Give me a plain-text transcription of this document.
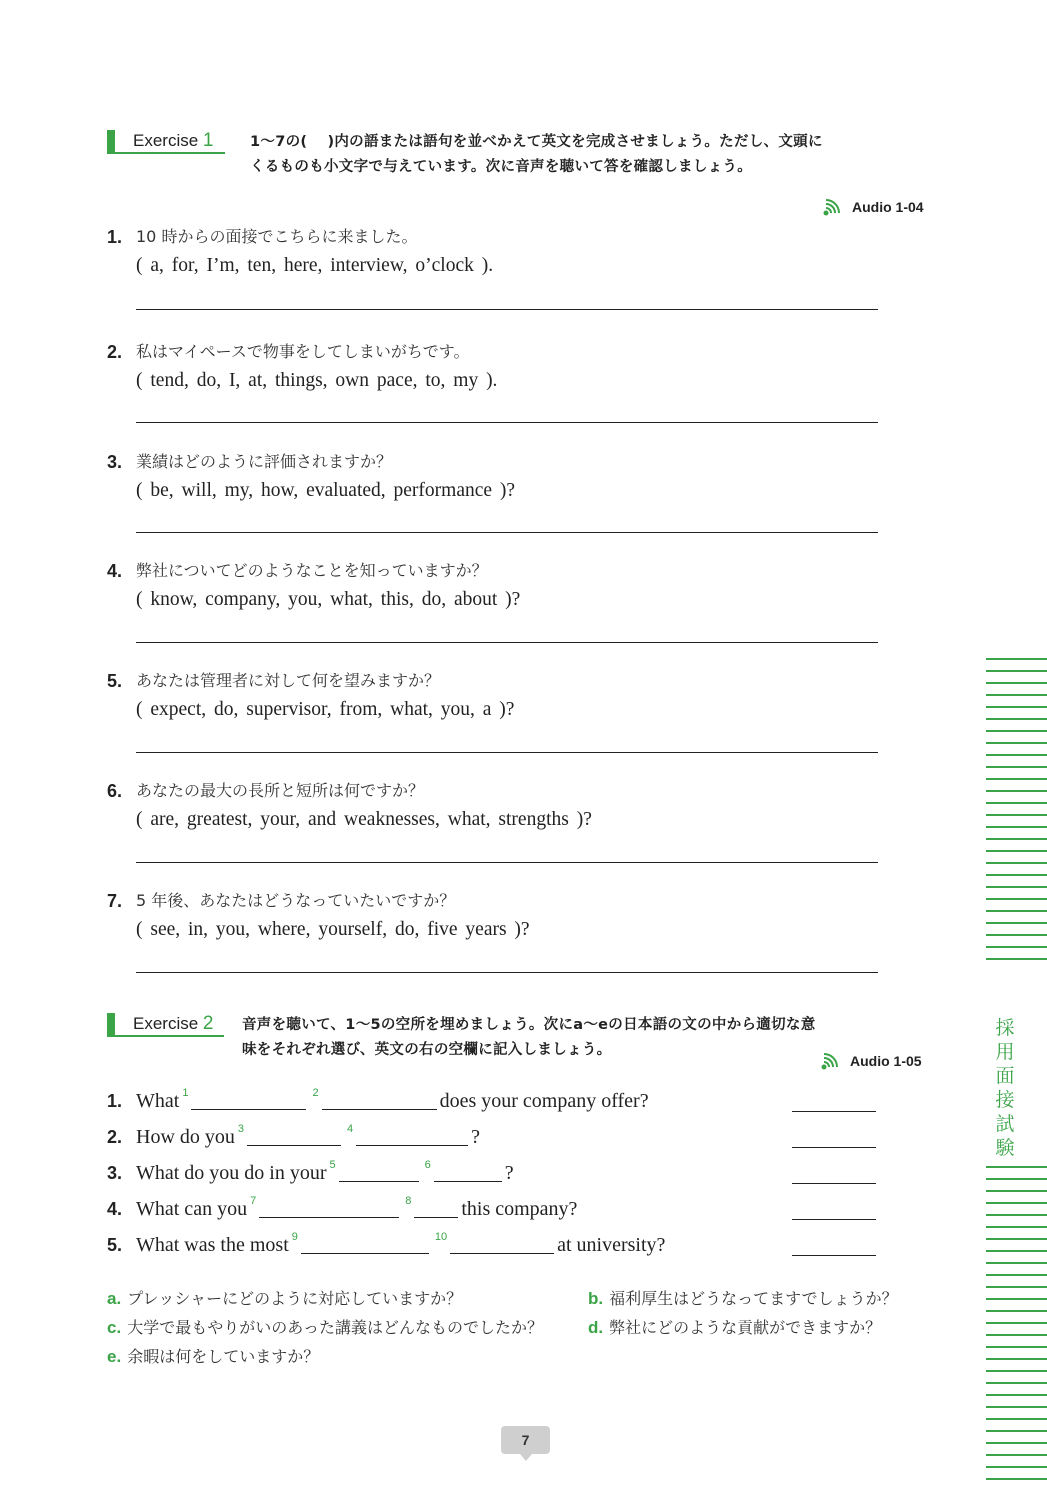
Exercise 1	1～7の(　 )内の語または語句を並べかえて英文を完成させましょう。ただし、文頭に
くるものも小文字で与えています。次に音声を聴いて答を確認しましょう。
Audio 1-04
1. 10 時からの面接でこちらに来ました。
( a, for, I’m, ten, here, interview, o’clock ).
2. 私はマイペースで物事をしてしまいがちです。
( tend, do, I, at, things, own pace, to, my ).
3. 業績はどのように評価されますか？
( be, will, my, how, evaluated, performance )?
4. 弊社についてどのようなことを知っていますか？
( know, company, you, what, this, do, about )?
5. あなたは管理者に対して何を望みますか？
( expect, do, supervisor, from, what, you, a )?
6. あなたの最大の長所と短所は何ですか？
( are, greatest, your, and weaknesses, what, strengths )?
7. 5 年後、あなたはどうなっていたいですか？
( see, in, you, where, yourself, do, five years )?
Exercise 2	音声を聴いて、1～5の空所を埋めましょう。次にa～eの日本語の文の中から適切な意
味をそれぞれ選び、英文の右の空欄に記入しましょう。
Audio 1-05
1. What 1	2	does your company offer?
2. How do you 3	4	?
3. What do you do in your 5	6	?
4. What can you 7	8	this company?
5. What was the most 9	10	at university?
a. プレッシャーにどのように対応していますか？	b. 福利厚生はどうなってますでしょうか？
c. 大学で最もやりがいのあった講義はどんなものでしたか？	d. 弊社にどのような貢献ができますか？
e. 余暇は何をしていますか？
採用面接試験
7
